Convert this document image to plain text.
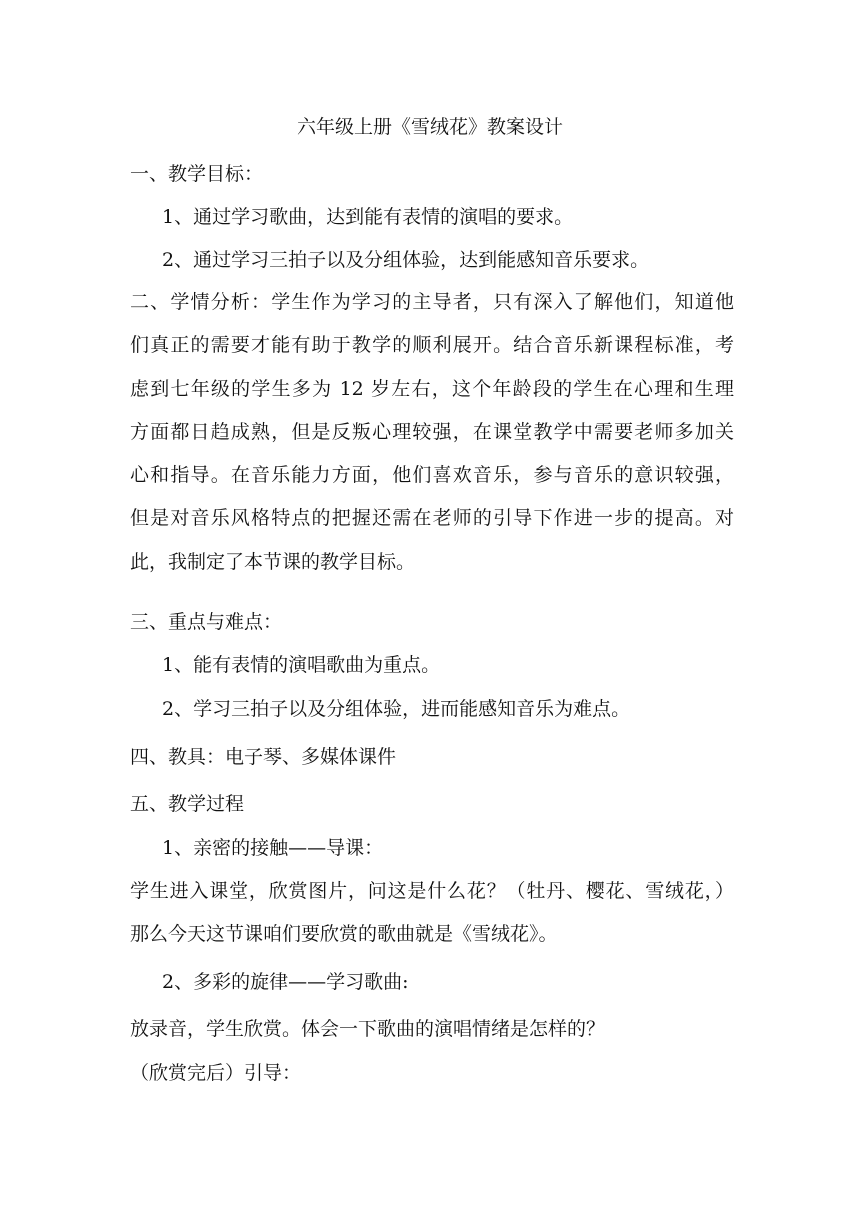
六年级上册《雪绒花》教案设计
一、教学目标：
1、通过学习歌曲，达到能有表情的演唱的要求。
2、通过学习三拍子以及分组体验，达到能感知音乐要求。
二、学情分析：学生作为学习的主导者，只有深入了解他们，知道他
们真正的需要才能有助于教学的顺利展开。结合音乐新课程标准，考
虑到七年级的学生多为 12 岁左右，这个年龄段的学生在心理和生理
方面都日趋成熟，但是反叛心理较强，在课堂教学中需要老师多加关
心和指导。在音乐能力方面，他们喜欢音乐，参与音乐的意识较强，
但是对音乐风格特点的把握还需在老师的引导下作进一步的提高。对
此，我制定了本节课的教学目标。
三、重点与难点：
1、能有表情的演唱歌曲为重点。
2、学习三拍子以及分组体验，进而能感知音乐为难点。
四、教具：电子琴、多媒体课件
五、教学过程
1、亲密的接触——导课：
学生进入课堂，欣赏图片，问这是什么花？（牡丹、樱花、雪绒花，）
那么今天这节课咱们要欣赏的歌曲就是《雪绒花》。
2、多彩的旋律——学习歌曲:
放录音，学生欣赏。体会一下歌曲的演唱情绪是怎样的？
（欣赏完后）引导：
